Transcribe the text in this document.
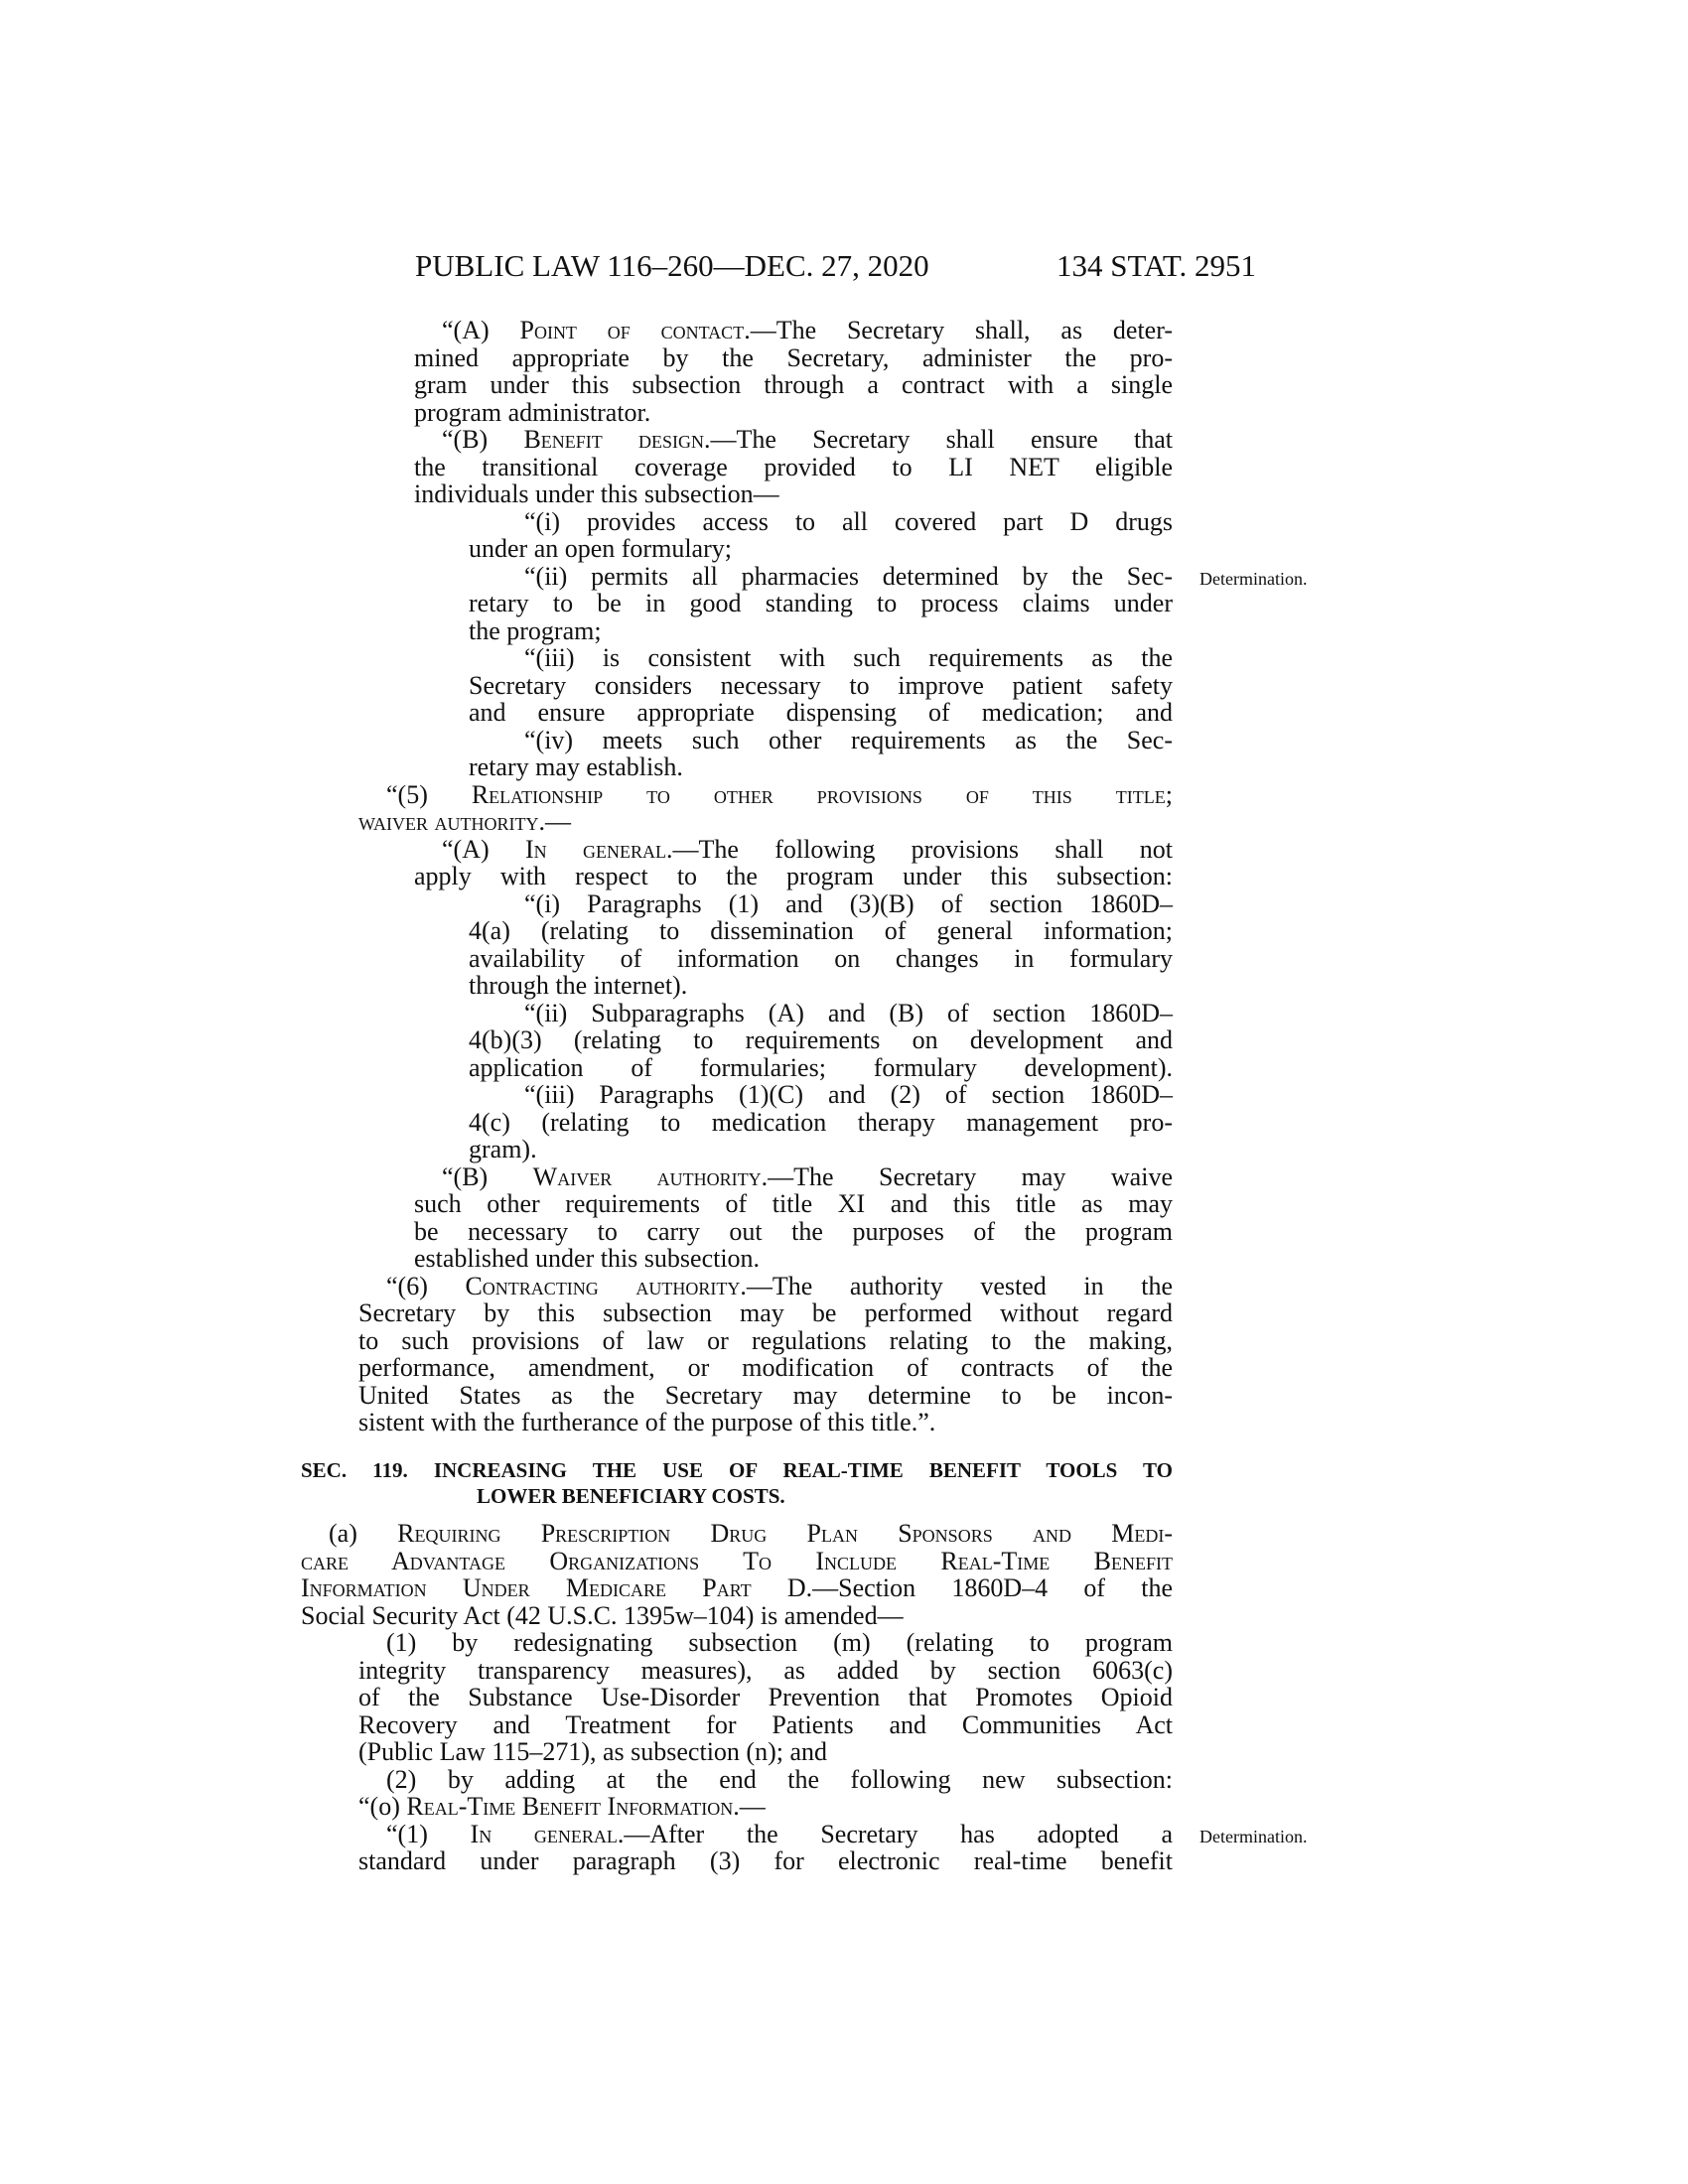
PUBLIC LAW 116–260—DEC. 27, 2020	134 STAT. 2951
“(A) Point of contact.—The Secretary shall, as deter-
mined appropriate by the Secretary, administer the pro-
gram under this subsection through a contract with a single
program administrator.
“(B) Benefit design.—The Secretary shall ensure that
the transitional coverage provided to LI NET eligible
individuals under this subsection—
“(i) provides access to all covered part D drugs
under an open formulary;
“(ii) permits all pharmacies determined by the Sec- Determination.
retary to be in good standing to process claims under
the program;
“(iii) is consistent with such requirements as the
Secretary considers necessary to improve patient safety
and ensure appropriate dispensing of medication; and
“(iv) meets such other requirements as the Sec-
retary may establish.
“(5) Relationship to other provisions of this title;
waiver authority.—
“(A) In general.—The following provisions shall not
apply with respect to the program under this subsection:
“(i) Paragraphs (1) and (3)(B) of section 1860D–
4(a) (relating to dissemination of general information;
availability of information on changes in formulary
through the internet).
“(ii) Subparagraphs (A) and (B) of section 1860D–
4(b)(3) (relating to requirements on development and
application of formularies; formulary development).
“(iii) Paragraphs (1)(C) and (2) of section 1860D–
4(c) (relating to medication therapy management pro-
gram).
“(B) Waiver authority.—The Secretary may waive
such other requirements of title XI and this title as may
be necessary to carry out the purposes of the program
established under this subsection.
“(6) Contracting authority.—The authority vested in the
Secretary by this subsection may be performed without regard
to such provisions of law or regulations relating to the making,
performance, amendment, or modification of contracts of the
United States as the Secretary may determine to be incon-
sistent with the furtherance of the purpose of this title.”.
SEC. 119. INCREASING THE USE OF REAL-TIME BENEFIT TOOLS TO
LOWER BENEFICIARY COSTS.
(a) Requiring Prescription Drug Plan Sponsors and Medi-
care Advantage Organizations To Include Real-Time Benefit
Information Under Medicare Part D.—Section 1860D–4 of the
Social Security Act (42 U.S.C. 1395w–104) is amended—
(1) by redesignating subsection (m) (relating to program
integrity transparency measures), as added by section 6063(c)
of the Substance Use-Disorder Prevention that Promotes Opioid
Recovery and Treatment for Patients and Communities Act
(Public Law 115–271), as subsection (n); and
(2) by adding at the end the following new subsection:
“(o) Real-Time Benefit Information.—
“(1) In general.—After the Secretary has adopted a Determination.
standard under paragraph (3) for electronic real-time benefit
